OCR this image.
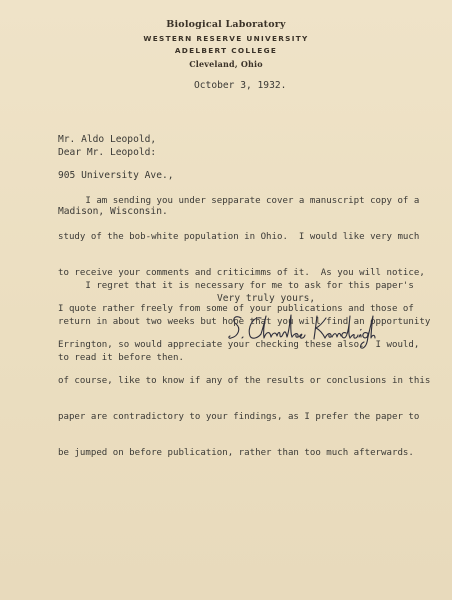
Biological Laboratory
WESTERN RESERVE UNIVERSITY
ADELBERT COLLEGE
Cleveland, Ohio
October 3, 1932.

Mr. Aldo Leopold,

905 University Ave.,

Madison, Wisconsin.

Dear Mr. Leopold:

I am sending you under sepparate cover a manuscript copy of a

study of the bob-white population in Ohio.  I would like very much

to receive your comments and criticimms of it.  As you will notice,

I quote rather freely from some of your publications and those of

Errington, so would appreciate your checking these also.  I would,

of course, like to know if any of the results or conclusions in this

paper are contradictory to your findings, as I prefer the paper to

be jumped on before publication, rather than too much afterwards.

I regret that it is necessary for me to ask for this paper's

return in about two weeks but hope that you will find an opportunity

to read it before then.

Very truly yours,
